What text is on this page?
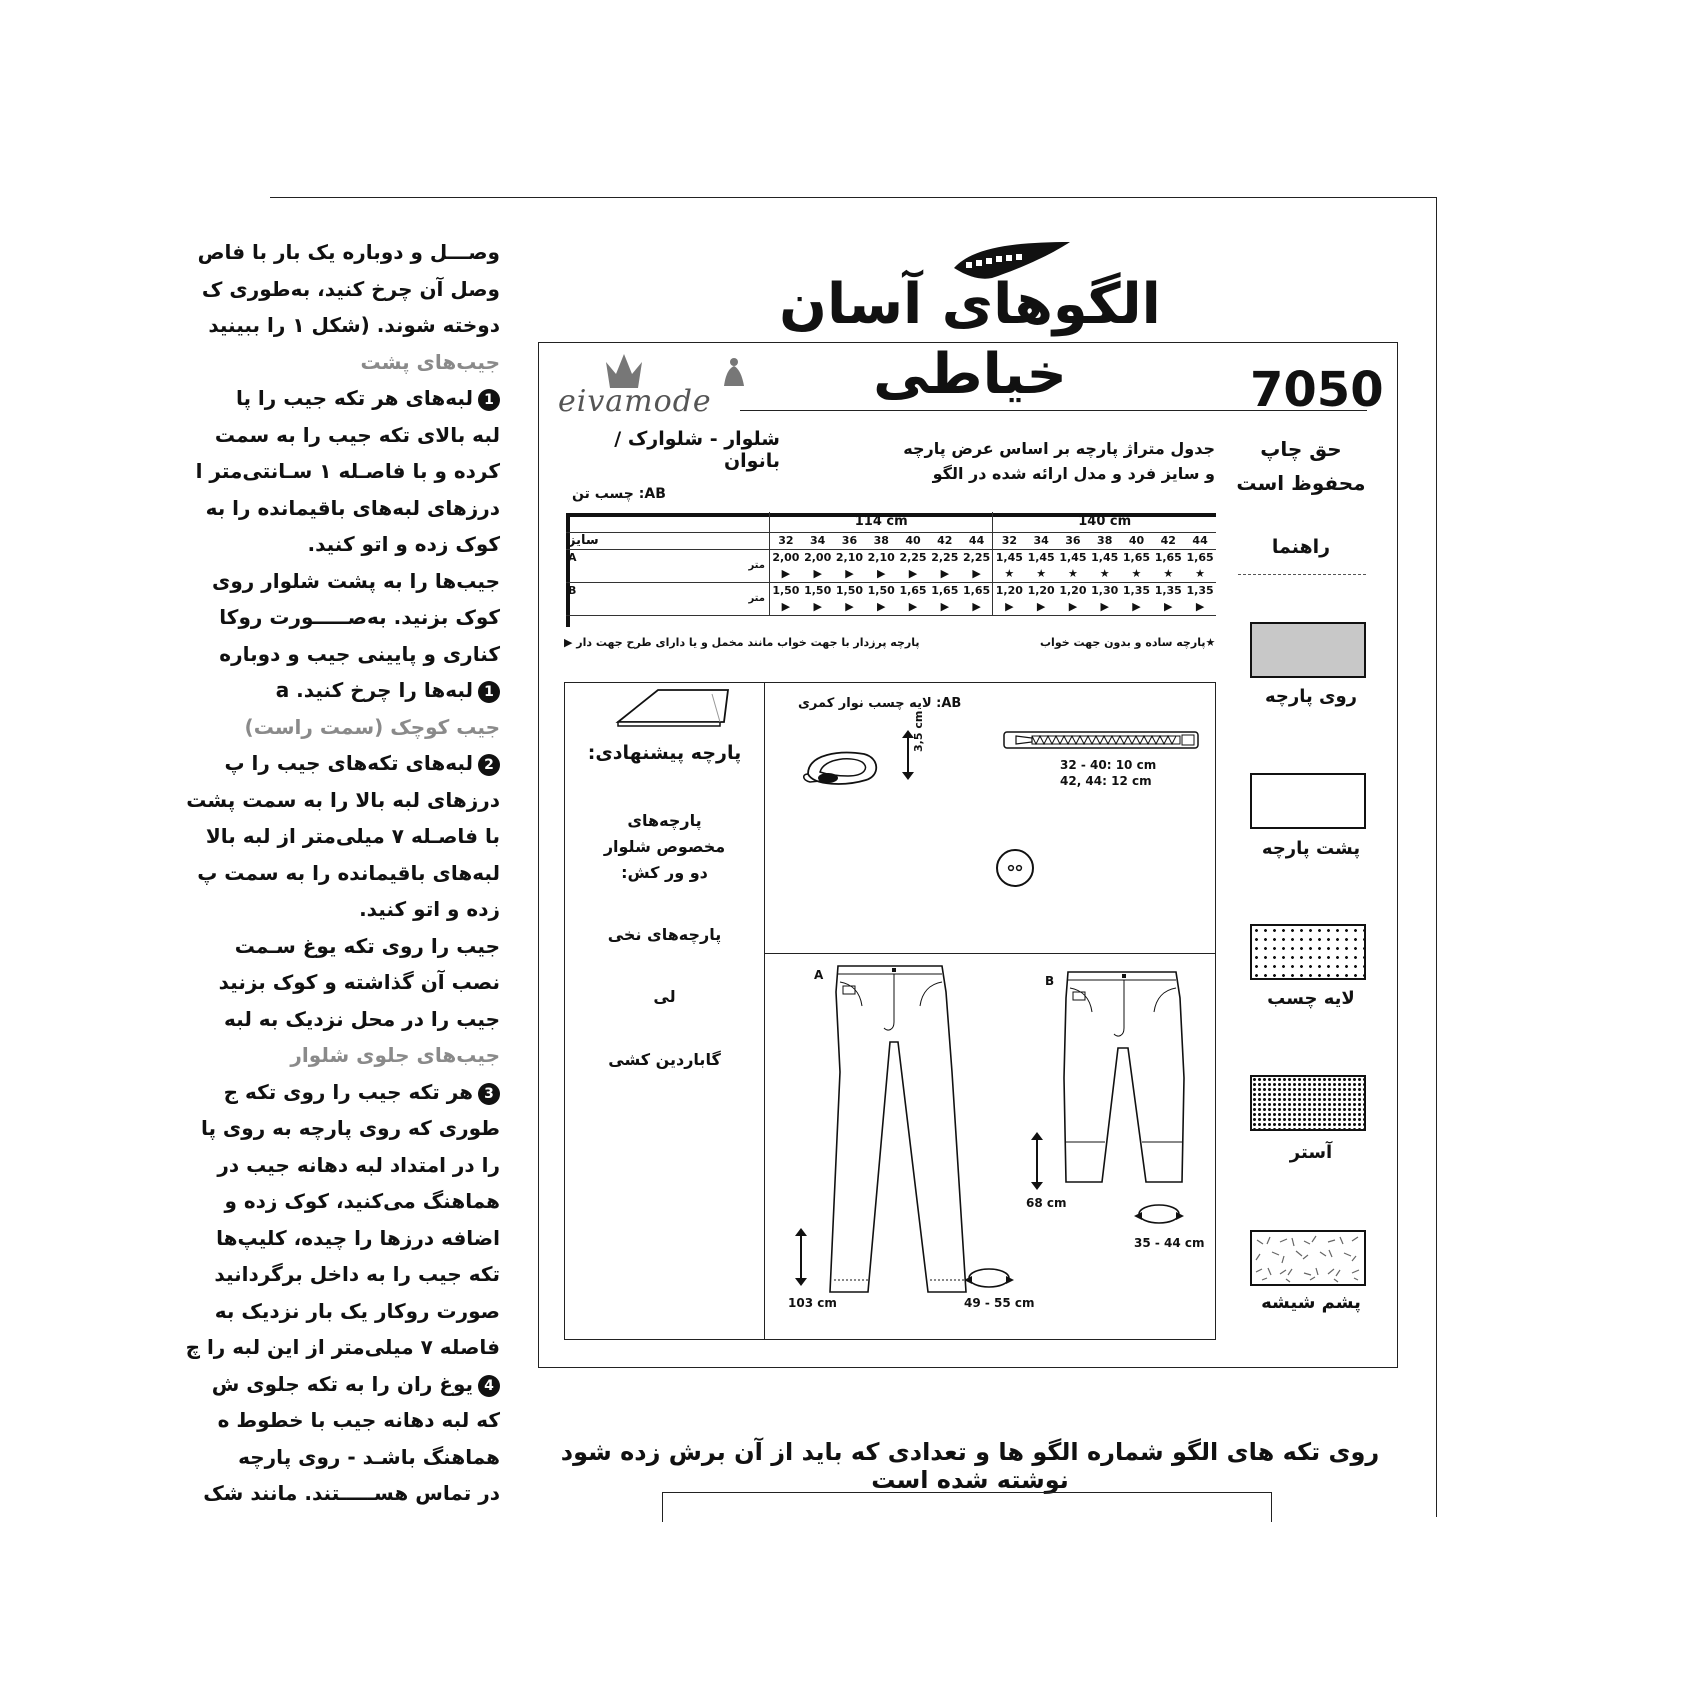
وصـــل و دوباره یک بار با فاص
وصل آن چرخ کنید، به‌طوری ک
دوخته شوند. (شکل ۱ را ببینید
جیب‌های پشت
1لبه‌های هر تکه جیب را پا
لبه بالای تکه جیب را به سمت
کرده و با فاصـله ۱ سـانتی‌متر ا
درزهای لبه‌های باقیمانده را به
کوک زده و اتو کنید.
جیب‌ها را به پشت شلوار روی
کوک بزنید. به‌صـــــورت روکا
کناری و پایینی جیب و دوباره
1لبه‌ها را چرخ کنید. a
جیب کوچک (سمت راست)
2لبه‌های تکه‌های جیب را پ
درزهای لبه بالا را به سمت پشت
با فاصـله ۷ میلی‌متر از لبه بالا
لبه‌های باقیمانده را به سمت پ
زده و اتو کنید.
جیب را روی تکه یوغ سـمت
نصب آن گذاشته و کوک بزنید
جیب را در محل نزدیک به لبه
جیب‌های جلوی شلوار
3هر تکه جیب را روی تکه ج
طوری که روی پارچه به روی پا
را در امتداد لبه دهانه جیب در
هماهنگ می‌کنید، کوک زده و
اضافه درزها را چیده، کلیپ‌ها
تکه جیب را به داخل برگردانید
صورت روکار یک بار نزدیک به
فاصله ۷ میلی‌متر از این لبه را چ
4یوغ ران را به تکه جلوی ش
که لبه دهانه جیب با خطوط ه
هماهنگ باشـد - روی پارچه
در تماس هســـــتند. مانند شک
الگوهای آسان خیاطی
eivamode	7050
شلوار - شلوارک / بانوان
AB: چسب تن
جدول متراژ پارچه بر اساس عرض پارچه
و سایز فرد و مدل ارائه شده در الگو
حق چاپ
محفوظ است
راهنما
روی پارچه
پشت پارچه
لایه چسب
آستر
پشم شیشه
		114 cm							140 cm						
سایز		32	34	36	38	40	42	44	32	34	36	38	40	42	44
A	متر	2,00	2,00	2,10	2,10	2,25	2,25	2,25	1,45	1,45	1,45	1,45	1,65	1,65	1,65
		▶	▶	▶	▶	▶	▶	▶	★	★	★	★	★	★	★
B	متر	1,50	1,50	1,50	1,50	1,65	1,65	1,65	1,20	1,20	1,20	1,30	1,35	1,35	1,35
		▶	▶	▶	▶	▶	▶	▶	▶	▶	▶	▶	▶	▶	▶
پارچه پرزدار با جهت خواب مانند مخمل و یا دارای طرح جهت دار ▶	★پارچه ساده و بدون جهت خواب
پارچه پیشنهادی:
پارچه‌های
مخصوص شلوار
دو ور کش:
پارچه‌های نخی
لی
گاباردین کشی
AB: لایه چسب نوار کمری
3,5 cm
32 - 40: 10 cm
42, 44: 12 cm
A
103 cm	49 - 55 cm
B
68 cm
35 - 44 cm
روی تکه های الگو شماره الگو ها و تعدادی که باید از آن برش زده شود نوشته شده است
